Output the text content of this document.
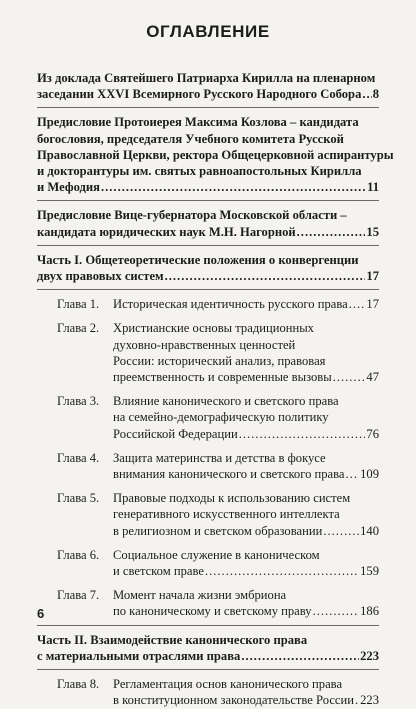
ОГЛАВЛЕНИЕ
Из доклада Святейшего Патриарха Кирилла на пленарном
заседании XXVI Всемирного Русского Народного Собора ..... 8
Предисловие Протоиерея Максима Козлова – кандидата
богословия, председателя Учебного комитета Русской
Православной Церкви, ректора Общецерковной аспирантуры
и докторантуры им. святых равноапостольных Кирилла
и Мефодия .....	11
Предисловие Вице-губернатора Московской области –
кандидата юридических наук М.Н. Нагорной .....	15
Часть I. Общетеоретические положения о конвергенции
двух правовых систем .....	17
Глава 1. Историческая идентичность русского права ..... 17
Глава 2. Христианские основы традиционных
духовно-нравственных ценностей
России: исторический анализ, правовая
преемственность и современные вызовы .....	47
Глава 3. Влияние канонического и светского права
на семейно-демографическую политику
Российской Федерации .....	76
Глава 4. Защита материнства и детства в фокусе
внимания канонического и светского права ..... 109
Глава 5. Правовые подходы к использованию систем
генеративного искусственного интеллекта
в религиозном и светском образовании .....	140
Глава 6. Социальное служение в каноническом
и светском праве .....	159
Глава 7. Момент начала жизни эмбриона
по каноническому и светскому праву .....	186
Часть II. Взаимодействие канонического права
с материальными отраслями права .....	223
Глава 8. Регламентация основ канонического права
в конституционном законодательстве России ..... 223
6
